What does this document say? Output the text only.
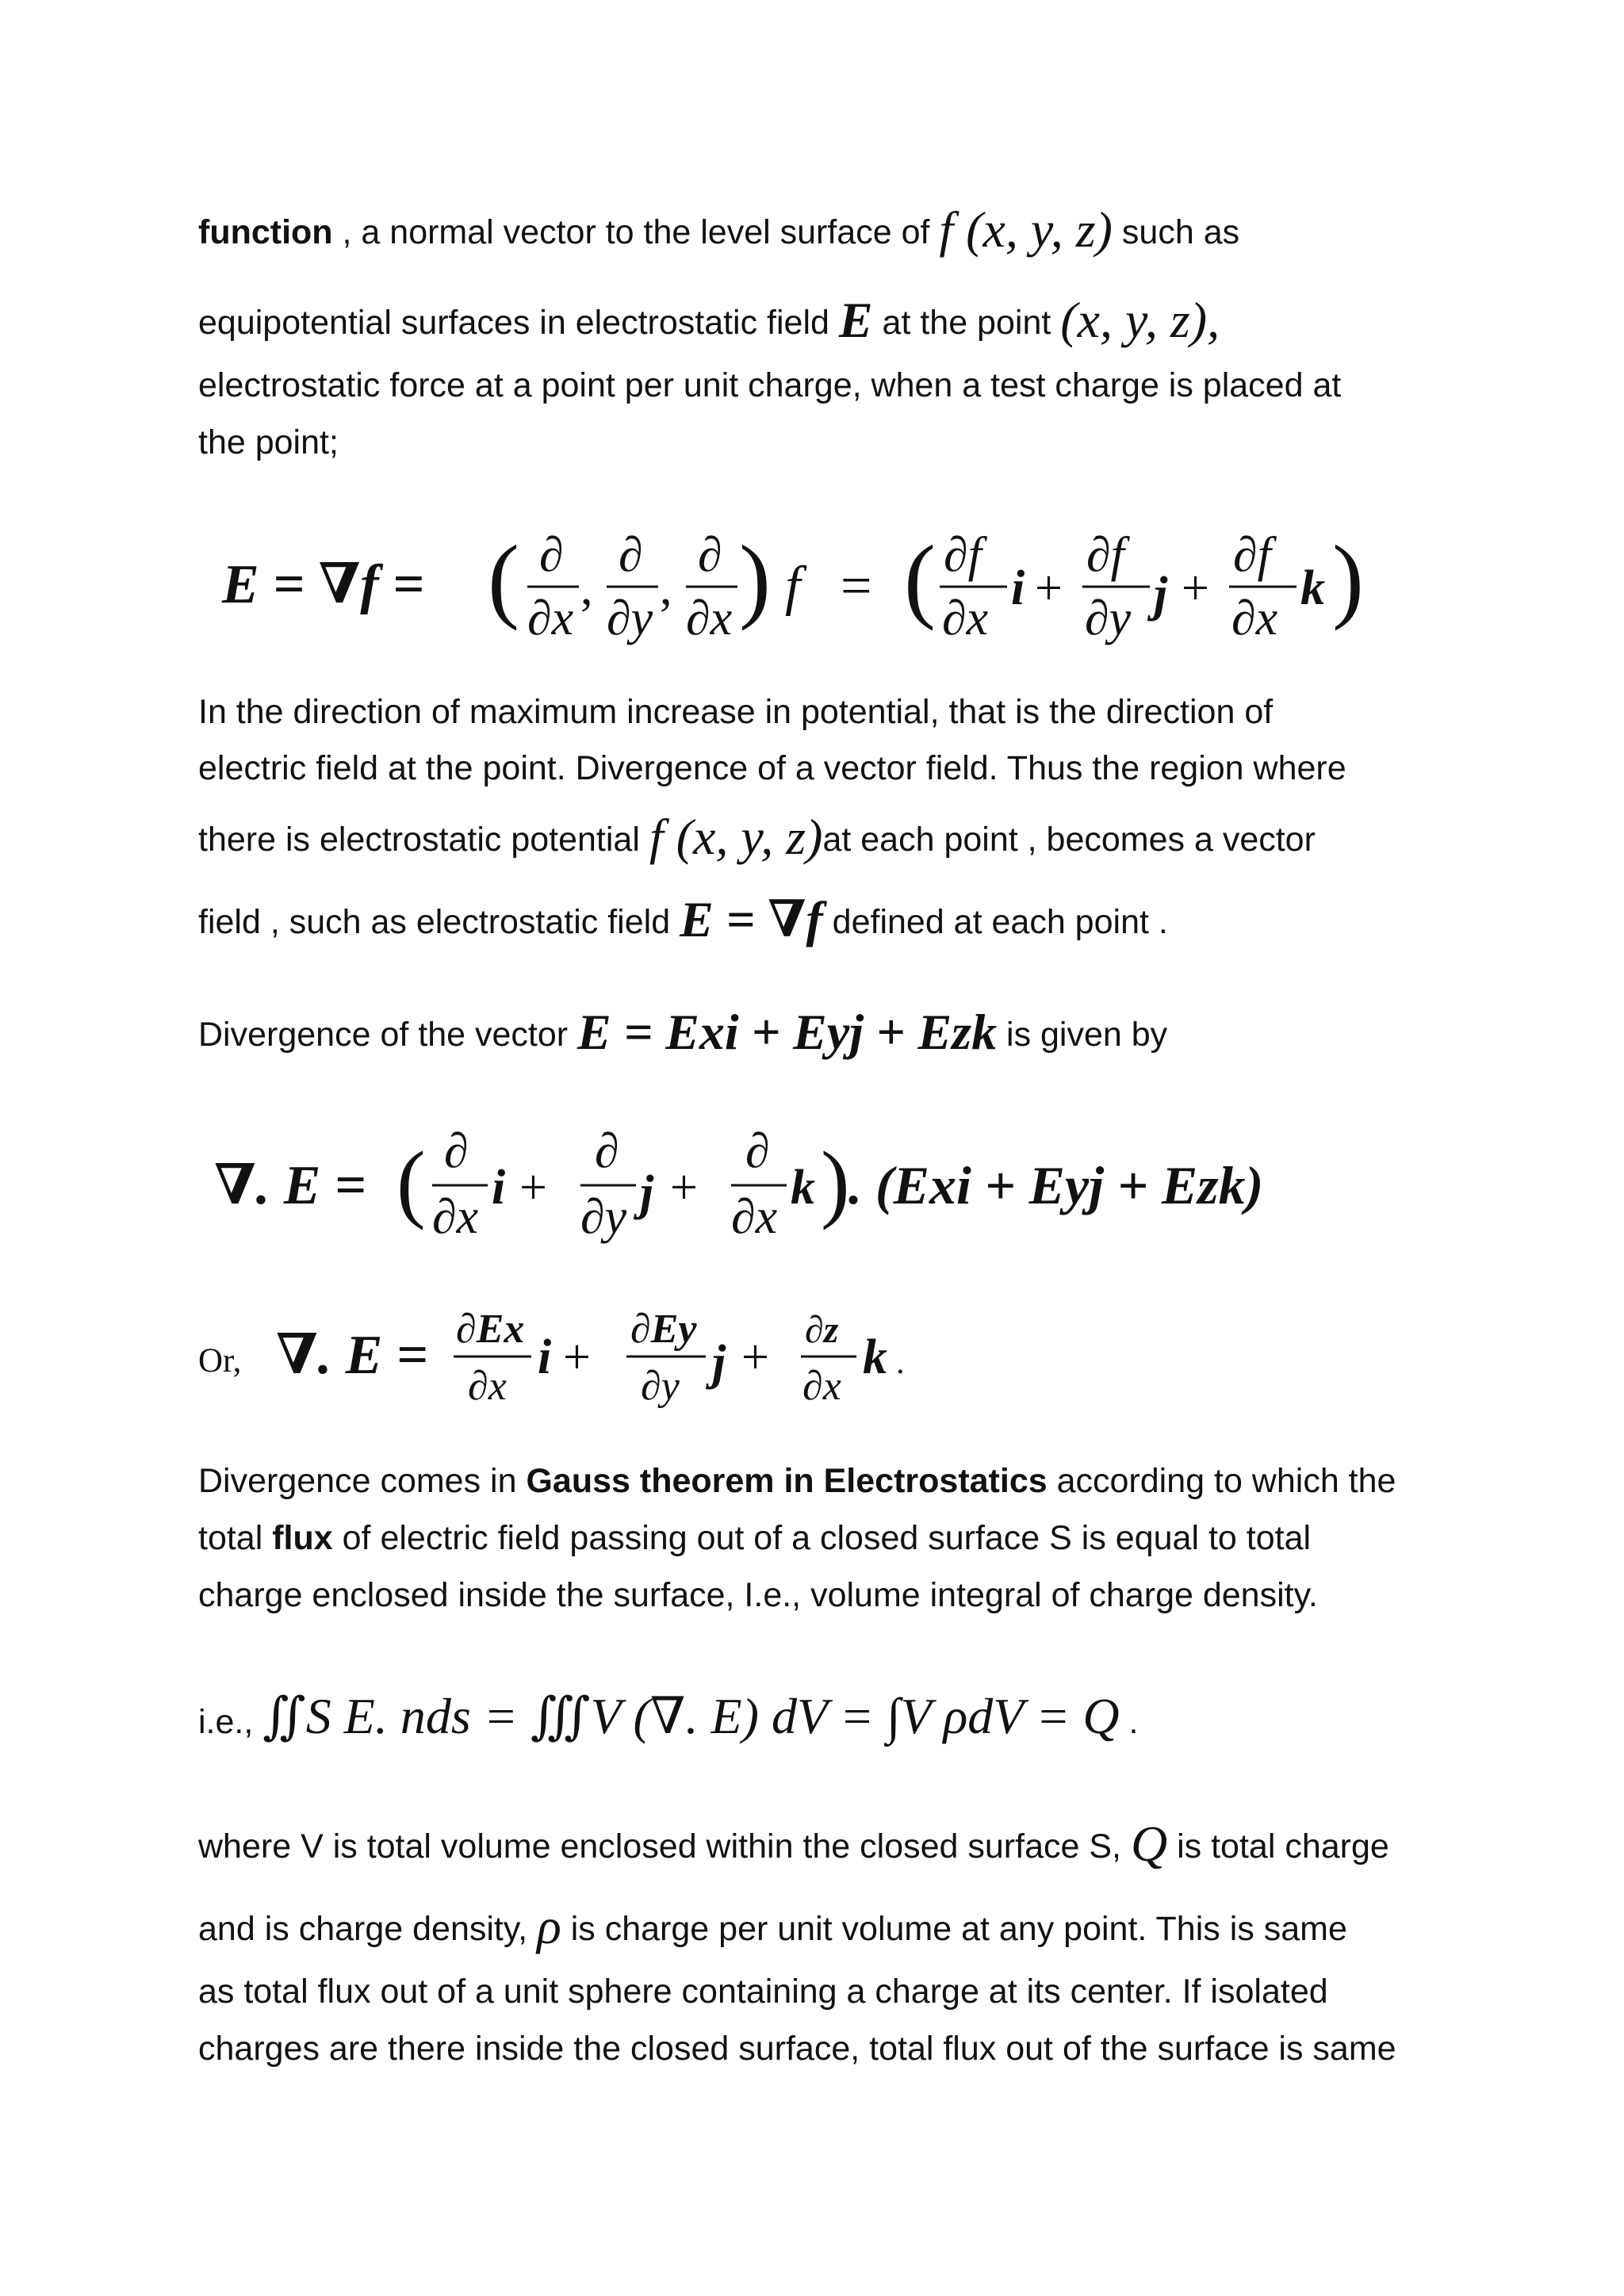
function , a normal vector to the level surface of f (x, y, z) such as
equipotential surfaces in electrostatic field E at the point (x, y, z),
electrostatic force at a point per unit charge, when a test charge is placed at
the point;
E = ∇f = ( ∂
∂x
,
∂
∂y
,
∂
∂x ) f = ( ∂f
∂x
i +
∂f
∂y j +
∂f
∂x
k )
In the direction of maximum increase in potential, that is the direction of
electric field at the point. Divergence of a vector field. Thus the region where
there is electrostatic potential f (x, y, z)at each point , becomes a vector
field , such as electrostatic field E = ∇f defined at each point .
Divergence of the vector E = Exi + Eyj + Ezk is given by
∇. E = ( ∂
∂x
i +
∂
∂y j +
∂
∂x
k )
. (Exi + Eyj + Ezk)
Or, ∇. E = ∂Ex
∂x
i +
∂Ey
∂y j +
∂z
∂x
k .
Divergence comes in Gauss theorem in Electrostatics according to which the
total flux of electric field passing out of a closed surface S is equal to total
charge enclosed inside the surface, I.e., volume integral of charge density.
i.e., ∬S E. nds = ∭V (∇. E) dV = ∫V ρdV = Q .
where V is total volume enclosed within the closed surface S, Q is total charge
and is charge density, ρ is charge per unit volume at any point. This is same
as total flux out of a unit sphere containing a charge at its center. If isolated
charges are there inside the closed surface, total flux out of the surface is same
